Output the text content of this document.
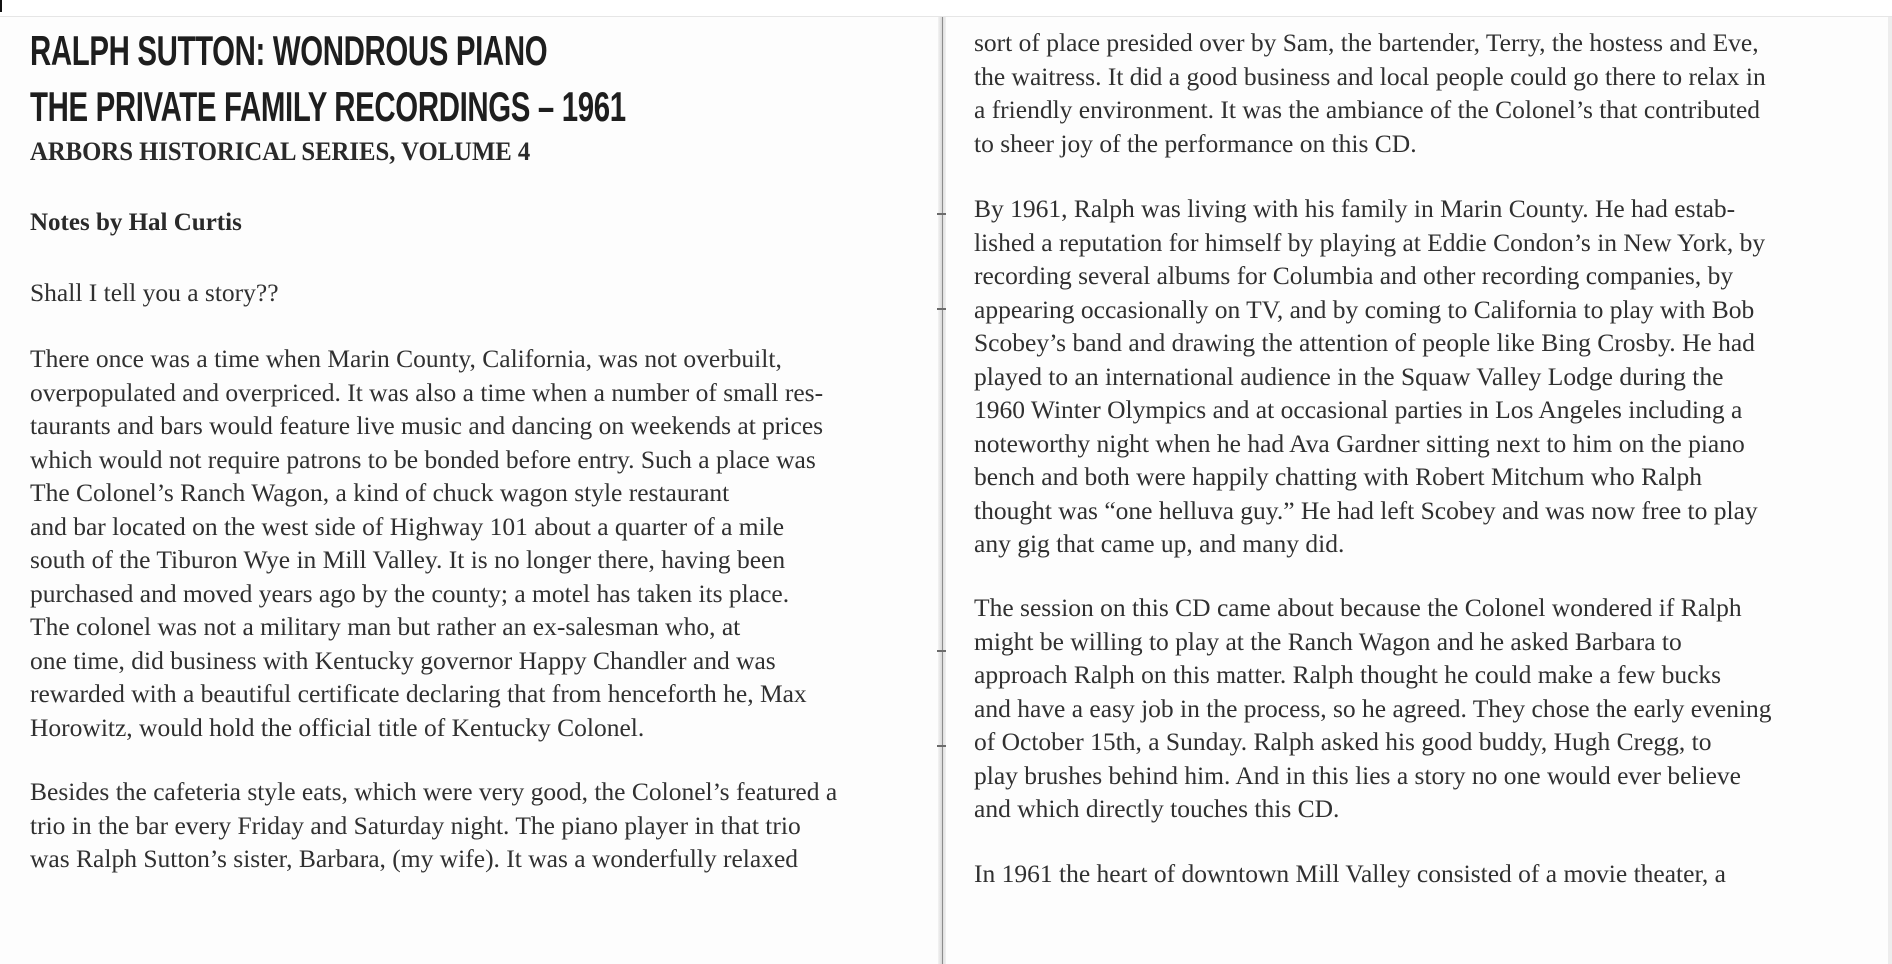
RALPH SUTTON: WONDROUS PIANO
THE PRIVATE FAMILY RECORDINGS – 1961
ARBORS HISTORICAL SERIES, VOLUME 4
Notes by Hal Curtis

Shall I tell you a story??

There once was a time when Marin County, California, was not overbuilt,
overpopulated and overpriced. It was also a time when a number of small res-
taurants and bars would feature live music and dancing on weekends at prices
which would not require patrons to be bonded before entry. Such a place was
The Colonel’s Ranch Wagon, a kind of chuck wagon style restaurant
and bar located on the west side of Highway 101 about a quarter of a mile
south of the Tiburon Wye in Mill Valley. It is no longer there, having been
purchased and moved years ago by the county; a motel has taken its place.
The colonel was not a military man but rather an ex-salesman who, at
one time, did business with Kentucky governor Happy Chandler and was
rewarded with a beautiful certificate declaring that from henceforth he, Max
Horowitz, would hold the official title of Kentucky Colonel.

Besides the cafeteria style eats, which were very good, the Colonel’s featured a
trio in the bar every Friday and Saturday night. The piano player in that trio
was Ralph Sutton’s sister, Barbara, (my wife). It was a wonderfully relaxed

sort of place presided over by Sam, the bartender, Terry, the hostess and Eve,
the waitress. It did a good business and local people could go there to relax in
a friendly environment. It was the ambiance of the Colonel’s that contributed
to sheer joy of the performance on this CD.

By 1961, Ralph was living with his family in Marin County. He had estab-
lished a reputation for himself by playing at Eddie Condon’s in New York, by
recording several albums for Columbia and other recording companies, by
appearing occasionally on TV, and by coming to California to play with Bob
Scobey’s band and drawing the attention of people like Bing Crosby. He had
played to an international audience in the Squaw Valley Lodge during the
1960 Winter Olympics and at occasional parties in Los Angeles including a
noteworthy night when he had Ava Gardner sitting next to him on the piano
bench and both were happily chatting with Robert Mitchum who Ralph
thought was “one helluva guy.” He had left Scobey and was now free to play
any gig that came up, and many did.

The session on this CD came about because the Colonel wondered if Ralph
might be willing to play at the Ranch Wagon and he asked Barbara to
approach Ralph on this matter. Ralph thought he could make a few bucks
and have a easy job in the process, so he agreed. They chose the early evening
of October 15th, a Sunday. Ralph asked his good buddy, Hugh Cregg, to
play brushes behind him. And in this lies a story no one would ever believe
and which directly touches this CD.

In 1961 the heart of downtown Mill Valley consisted of a movie theater, a
